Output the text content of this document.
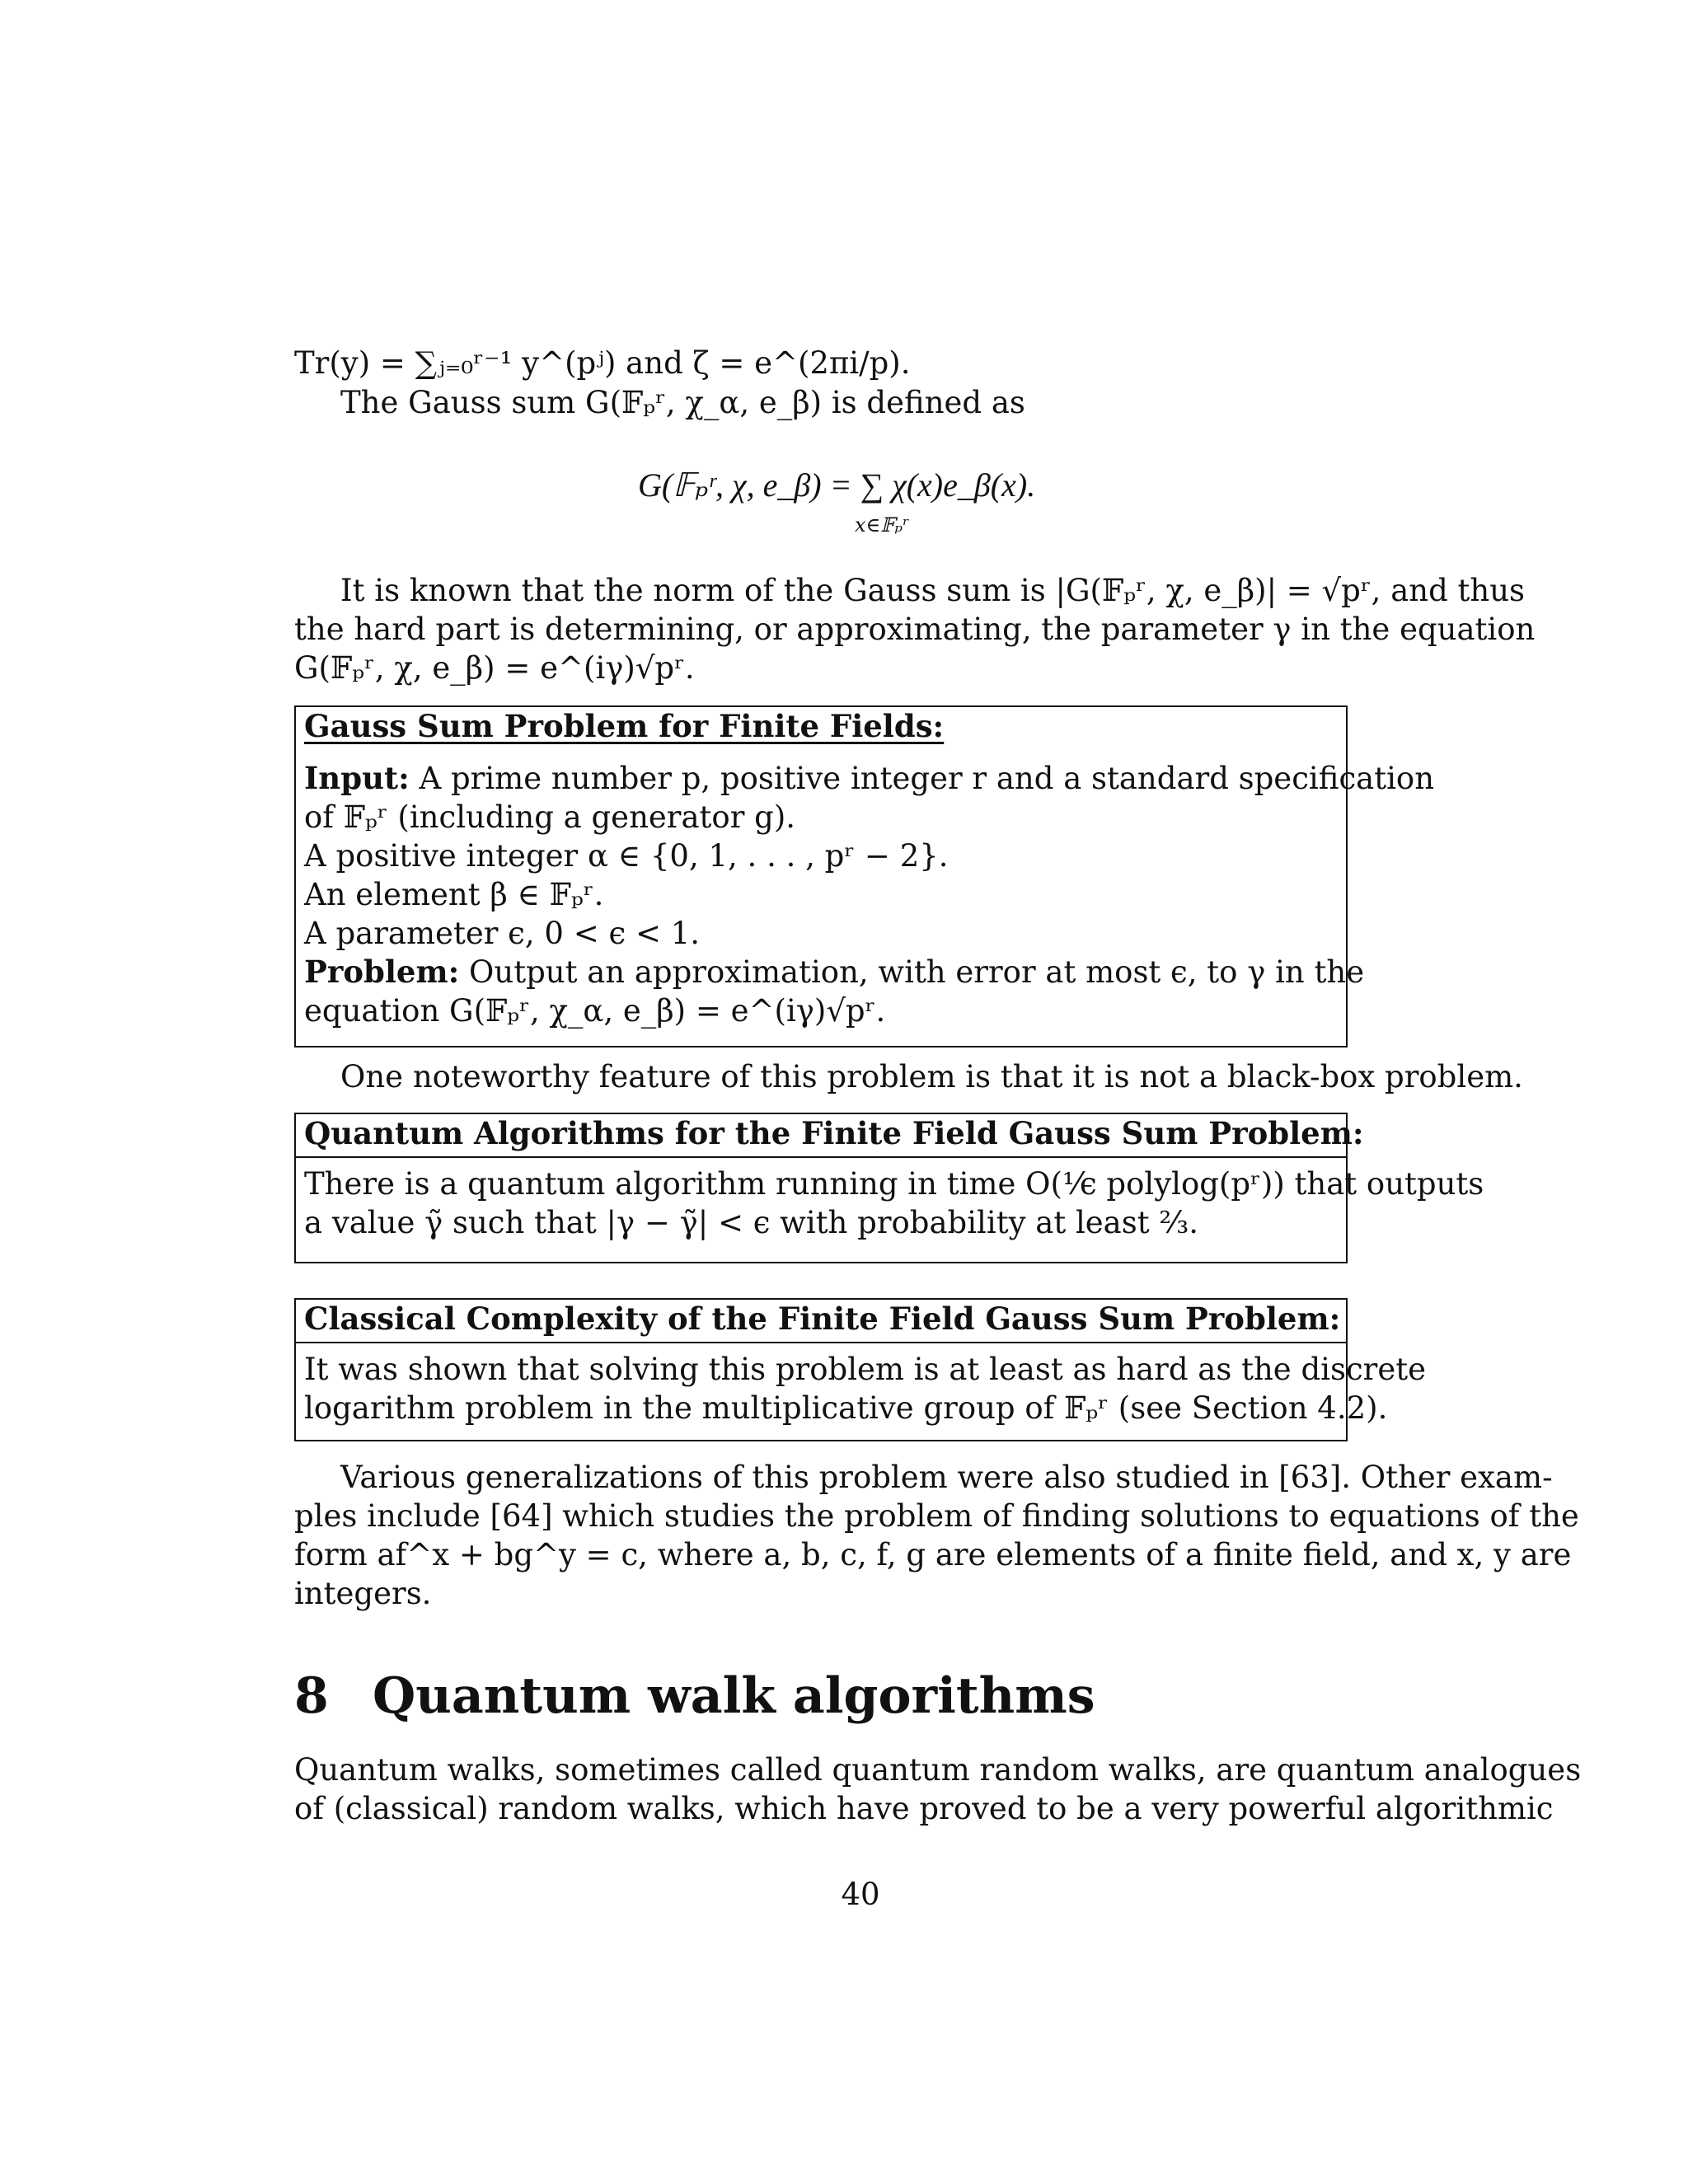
Tr(y) = ∑ⱼ₌₀ʳ⁻¹ y^(pʲ) and ζ = e^(2πi/p).
The Gauss sum G(𝔽ₚʳ, χ_α, e_β) is defined as
G(𝔽ₚʳ, χ, e_β) = ∑ χ(x)e_β(x).
x∈𝔽ₚʳ
It is known that the norm of the Gauss sum is |G(𝔽ₚʳ, χ, e_β)| = √pʳ, and thus
the hard part is determining, or approximating, the parameter γ in the equation
G(𝔽ₚʳ, χ, e_β) = e^(iγ)√pʳ.
Gauss Sum Problem for Finite Fields:
Input: A prime number p, positive integer r and a standard specification
of 𝔽ₚʳ (including a generator g).
A positive integer α ∈ {0, 1, . . . , pʳ − 2}.
An element β ∈ 𝔽ₚʳ.
A parameter ϵ, 0 < ϵ < 1.
Problem: Output an approximation, with error at most ϵ, to γ in the
equation G(𝔽ₚʳ, χ_α, e_β) = e^(iγ)√pʳ.
One noteworthy feature of this problem is that it is not a black-box problem.
Quantum Algorithms for the Finite Field Gauss Sum Problem:
There is a quantum algorithm running in time O(¹⁄ϵ polylog(pʳ)) that outputs
a value γ̃ such that |γ − γ̃| < ϵ with probability at least ²⁄₃.
Classical Complexity of the Finite Field Gauss Sum Problem:
It was shown that solving this problem is at least as hard as the discrete
logarithm problem in the multiplicative group of 𝔽ₚʳ (see Section 4.2).
Various generalizations of this problem were also studied in [63]. Other exam-
ples include [64] which studies the problem of finding solutions to equations of the
form af^x + bg^y = c, where a, b, c, f, g are elements of a finite field, and x, y are
integers.
8 Quantum walk algorithms
Quantum walks, sometimes called quantum random walks, are quantum analogues
of (classical) random walks, which have proved to be a very powerful algorithmic
40
